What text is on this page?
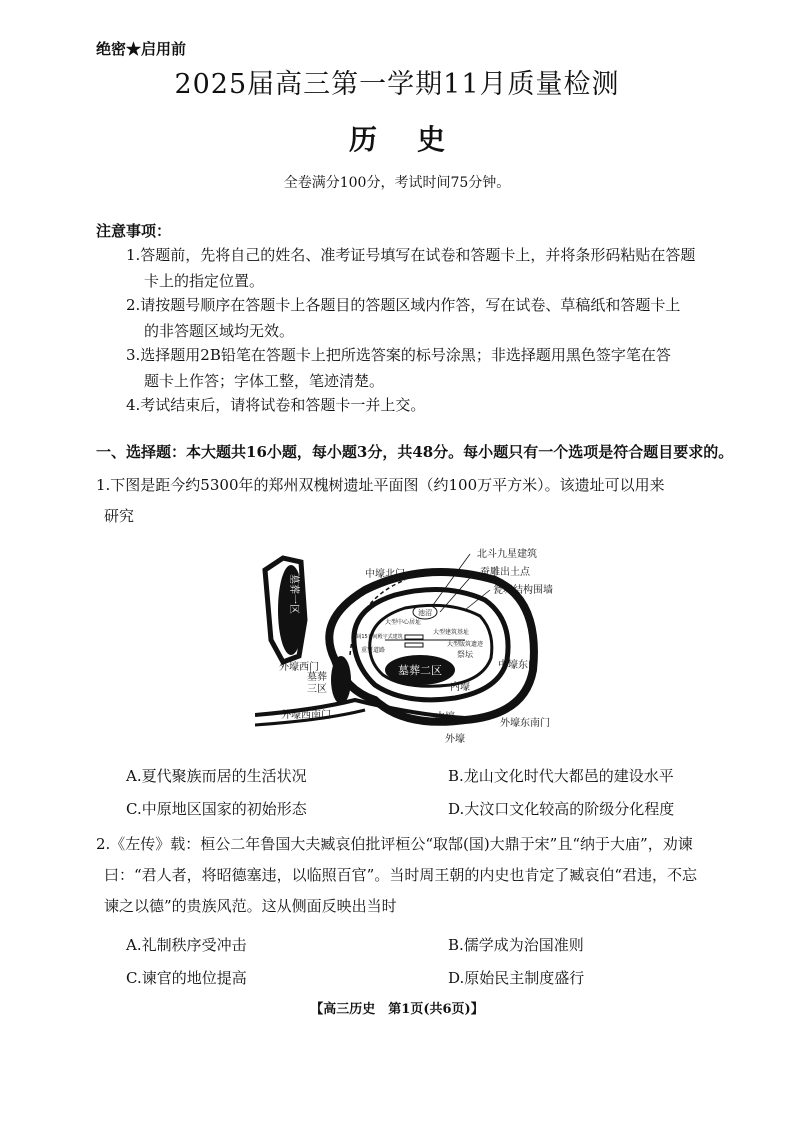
绝密★启用前
2025届高三第一学期11月质量检测
历史
全卷满分100分，考试时间75分钟。
注意事项：
1.答题前，先将自己的姓名、准考证号填写在试卷和答题卡上，并将条形码粘贴在答题
卡上的指定位置。
2.请按题号顺序在答题卡上各题目的答题区域内作答，写在试卷、草稿纸和答题卡上
的非答题区域均无效。
3.选择题用2B铅笔在答题卡上把所选答案的标号涂黑；非选择题用黑色签字笔在答
题卡上作答；字体工整，笔迹清楚。
4.考试结束后，请将试卷和答题卡一并上交。
一、选择题：本大题共16小题，每小题3分，共48分。每小题只有一个选项是符合题目要求的。
1.下图是距今约5300年的郑州双槐树遗址平面图（约100万平方米）。该遗址可以用来
研究
墓葬一区
墓葬二区
墓葬
三区
池沼
大型中心居址
大型建筑基址
大型版筑遗迹
祭坛
面阔15开间殿宇式建筑
重要道路
北斗九星建筑
蚕雕出土点
瓮城结构围墙
中壕北门
外壕西门
外壕西南门
中壕东门
内壕
中壕
外壕东南门
外壕
A.夏代聚族而居的生活状况	B.龙山文化时代大都邑的建设水平
C.中原地区国家的初始形态	D.大汶口文化较高的阶级分化程度
2.《左传》载：桓公二年鲁国大夫臧哀伯批评桓公“取郜(国)大鼎于宋”且“纳于大庙”，劝谏
曰：“君人者，将昭德塞违，以临照百官”。当时周王朝的内史也肯定了臧哀伯“君违，不忘
谏之以德”的贵族风范。这从侧面反映出当时
A.礼制秩序受冲击	B.儒学成为治国准则
C.谏官的地位提高	D.原始民主制度盛行
【高三历史　第1页(共6页)】
